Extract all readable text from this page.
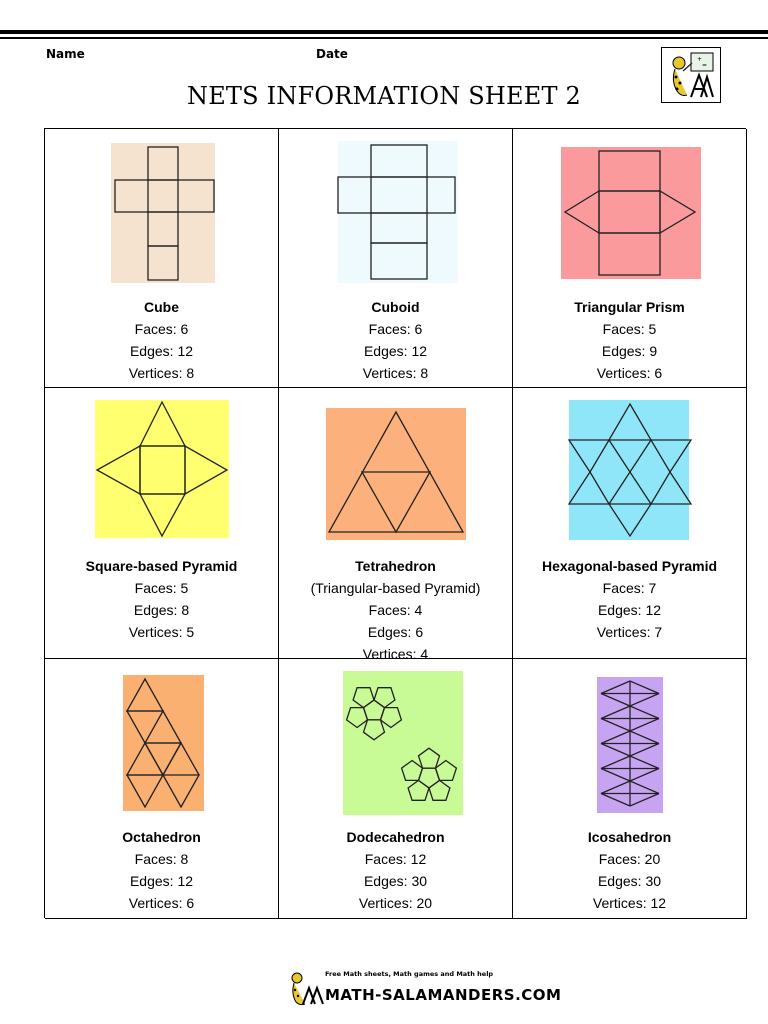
Name	Date	+
=
NETS INFORMATION SHEET 2
Cube
Faces: 6
Edges: 12
Vertices: 8
Cuboid
Faces: 6
Edges: 12
Vertices: 8
Triangular Prism
Faces: 5
Edges: 9
Vertices: 6
Square-based Pyramid
Faces: 5
Edges: 8
Vertices: 5
Tetrahedron
(Triangular-based Pyramid)
Faces: 4
Edges: 6
Vertices: 4
Hexagonal-based Pyramid
Faces: 7
Edges: 12
Vertices: 7
Octahedron
Faces: 8
Edges: 12
Vertices: 6
Dodecahedron
Faces: 12
Edges: 30
Vertices: 20
Icosahedron
Faces: 20
Edges: 30
Vertices: 12
Free Math sheets, Math games and Math help
MATH-SALAMANDERS.COM
